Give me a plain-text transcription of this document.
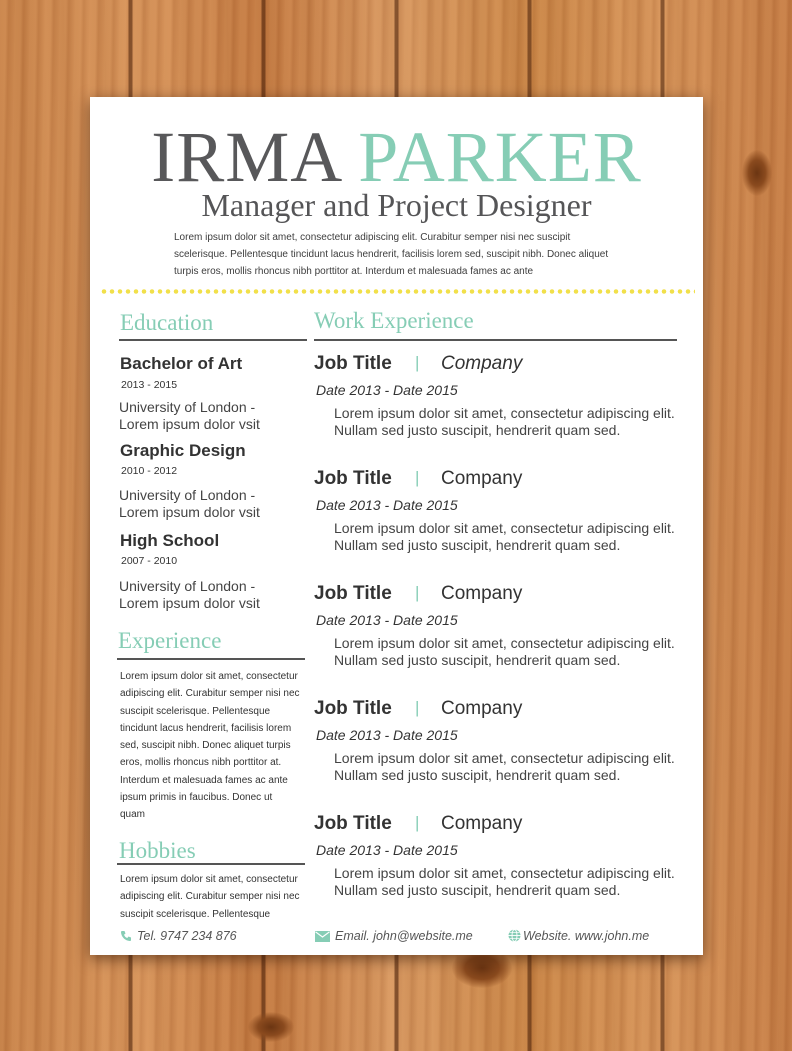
IRMA PARKER
Manager and Project Designer
Lorem ipsum dolor sit amet, consectetur adipiscing elit. Curabitur semper nisi nec suscipit scelerisque. Pellentesque tincidunt lacus hendrerit, facilisis lorem sed, suscipit nibh. Donec aliquet turpis eros, mollis rhoncus nibh porttitor at. Interdum et malesuada fames ac ante
Education
Bachelor of Art
2013 - 2015
University of London - Lorem ipsum dolor vsit
Graphic Design
2010 - 2012
University of London - Lorem ipsum dolor vsit
High School
2007 - 2010
University of London - Lorem ipsum dolor vsit
Experience
Lorem ipsum dolor sit amet, consectetur adipiscing elit. Curabitur semper nisi nec suscipit scelerisque. Pellentesque tincidunt lacus hendrerit, facilisis lorem sed, suscipit nibh. Donec aliquet turpis eros, mollis rhoncus nibh porttitor at. Interdum et malesuada fames ac ante ipsum primis in faucibus. Donec ut quam
Hobbies
Lorem ipsum dolor sit amet, consectetur adipiscing elit. Curabitur semper nisi nec suscipit scelerisque. Pellentesque
Work Experience
Job Title | Company
Date 2013 - Date 2015
Lorem ipsum dolor sit amet, consectetur adipiscing elit. Nullam sed justo suscipit, hendrerit quam sed.
Job Title | Company
Date 2013 - Date 2015
Lorem ipsum dolor sit amet, consectetur adipiscing elit. Nullam sed justo suscipit, hendrerit quam sed.
Job Title | Company
Date 2013 - Date 2015
Lorem ipsum dolor sit amet, consectetur adipiscing elit. Nullam sed justo suscipit, hendrerit quam sed.
Job Title | Company
Date 2013 - Date 2015
Lorem ipsum dolor sit amet, consectetur adipiscing elit. Nullam sed justo suscipit, hendrerit quam sed.
Job Title | Company
Date 2013 - Date 2015
Lorem ipsum dolor sit amet, consectetur adipiscing elit. Nullam sed justo suscipit, hendrerit quam sed.
Tel. 9747 234 876	Email. john@website.me	Website. www.john.me
